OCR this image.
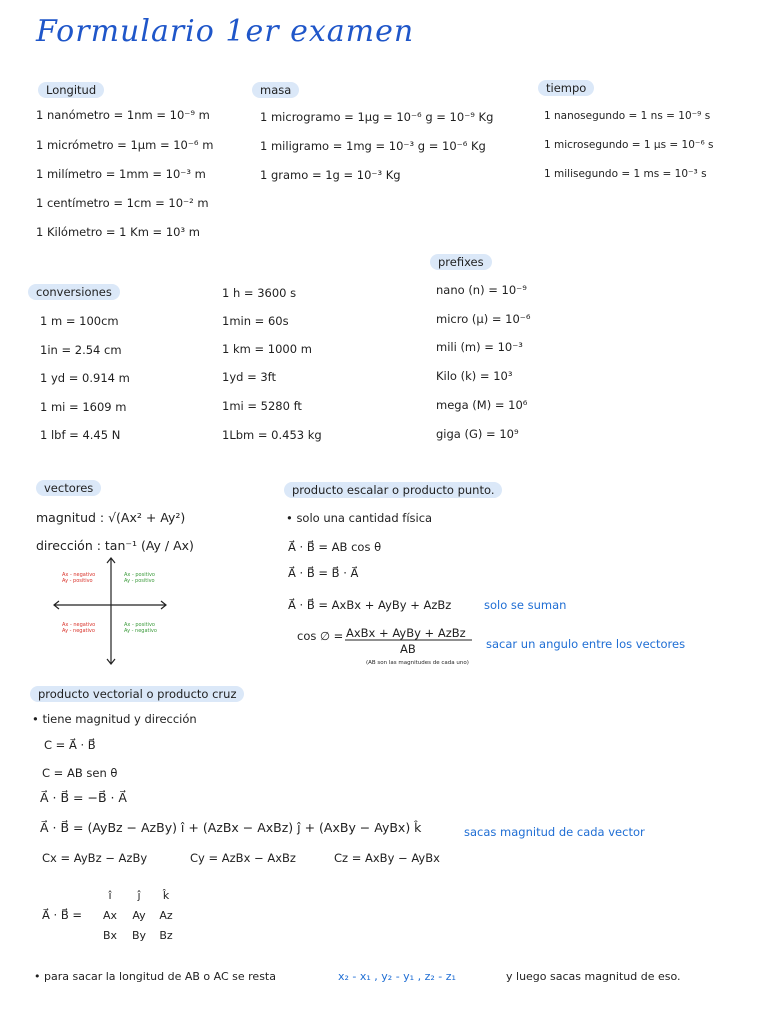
Formulario 1er examen
Longitud
1 nanómetro = 1nm = 10⁻⁹ m
1 micrómetro = 1μm = 10⁻⁶ m
1 milímetro = 1mm = 10⁻³ m
1 centímetro = 1cm = 10⁻² m
1 Kilómetro = 1 Km = 10³ m
masa
1 microgramo = 1μg = 10⁻⁶ g = 10⁻⁹ Kg
1 miligramo = 1mg = 10⁻³ g = 10⁻⁶ Kg
1 gramo = 1g = 10⁻³ Kg
tiempo
1 nanosegundo = 1 ns = 10⁻⁹ s
1 microsegundo = 1 μs = 10⁻⁶ s
1 milisegundo = 1 ms = 10⁻³ s
prefixes
nano (n) = 10⁻⁹
micro (μ) = 10⁻⁶
mili (m) = 10⁻³
Kilo (k) = 10³
mega (M) = 10⁶
giga (G) = 10⁹
conversiones
1 m = 100cm
1in = 2.54 cm
1 yd = 0.914 m
1 mi = 1609 m
1 lbf = 4.45 N
1 h = 3600 s
1min = 60s
1 km = 1000 m
1yd = 3ft
1mi = 5280 ft
1Lbm = 0.453 kg
vectores
magnitud : √(Ax² + Ay²)
dirección : tan⁻¹ (Ay / Ax)
Ax - negativo
Ay - positivo
Ax - positivo
Ay - positivo
Ax - negativo
Ay - negativo
Ax - positivo
Ay - negativo
producto escalar o producto punto.
• solo una cantidad física
A⃗ · B⃗ = AB cos θ
A⃗ · B⃗ = B⃗ · A⃗
A⃗ · B⃗ = AxBx + AyBy + AzBz	solo se suman
cos ∅ = AxBx + AyBy + AzBz
AB	sacar un angulo entre los vectores
(AB son las magnitudes de cada uno)
producto vectorial o producto cruz
• tiene magnitud y dirección
C = A⃗ · B⃗
C = AB sen θ
A⃗ · B⃗ = −B⃗ · A⃗
A⃗ · B⃗ = (AyBz − AzBy) î + (AzBx − AxBz) ĵ + (AxBy − AyBx) k̂	sacas magnitud de cada vector
Cx = AyBz − AzBy	Cy = AzBx − AxBz	Cz = AxBy − AyBx
A⃗ · B⃗ =
î	ĵ	k̂
Ax	Ay	Az
Bx	By	Bz
• para sacar la longitud de AB o AC se resta	x₂ - x₁ , y₂ - y₁ , z₂ - z₁	y luego sacas magnitud de eso.
